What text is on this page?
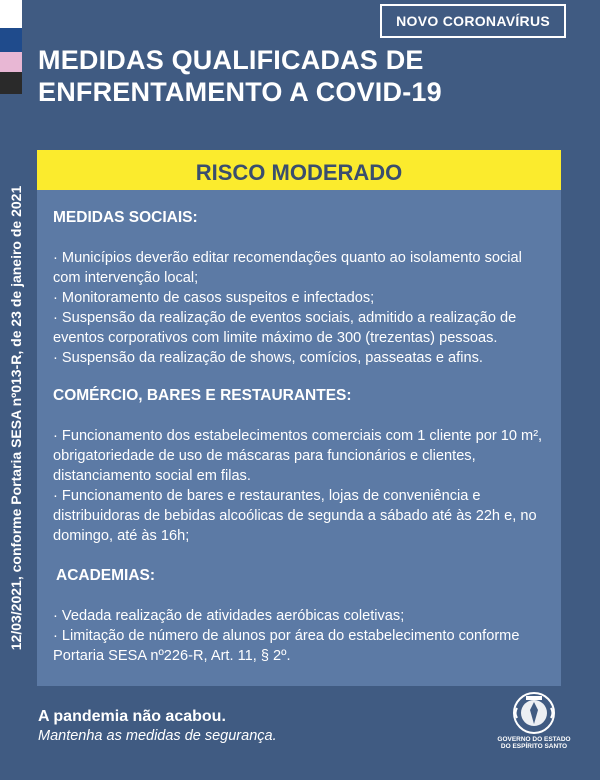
NOVO CORONAVÍRUS
MEDIDAS QUALIFICADAS DE
ENFRENTAMENTO A COVID-19
12/03/2021, conforme Portaria SESA nº013-R, de 23 de janeiro de 2021
RISCO MODERADO
MEDIDAS SOCIAIS:

· Municípios deverão editar recomendações quanto ao isolamento social com intervenção local;

· Monitoramento de casos suspeitos e infectados;

· Suspensão da realização de eventos sociais, admitido a realização de eventos corporativos com limite máximo de 300 (trezentas) pessoas.

· Suspensão da realização de shows, comícios, passeatas e afins.

COMÉRCIO, BARES E RESTAURANTES:

· Funcionamento dos estabelecimentos comerciais com 1 cliente por 10 m², obrigatoriedade de uso de máscaras para funcionários e clientes, distanciamento social em filas.

· Funcionamento de bares e restaurantes, lojas de conveniência e distribuidoras de bebidas alcoólicas de segunda a sábado até às 22h e, no domingo, até às 16h;

ACADEMIAS:

· Vedada realização de atividades aeróbicas coletivas;

· Limitação de número de alunos por área do estabelecimento conforme Portaria SESA nº226-R, Art. 11, § 2º.

A pandemia não acabou.
Mantenha as medidas de segurança.	GOVERNO DO ESTADO
DO ESPÍRITO SANTO
